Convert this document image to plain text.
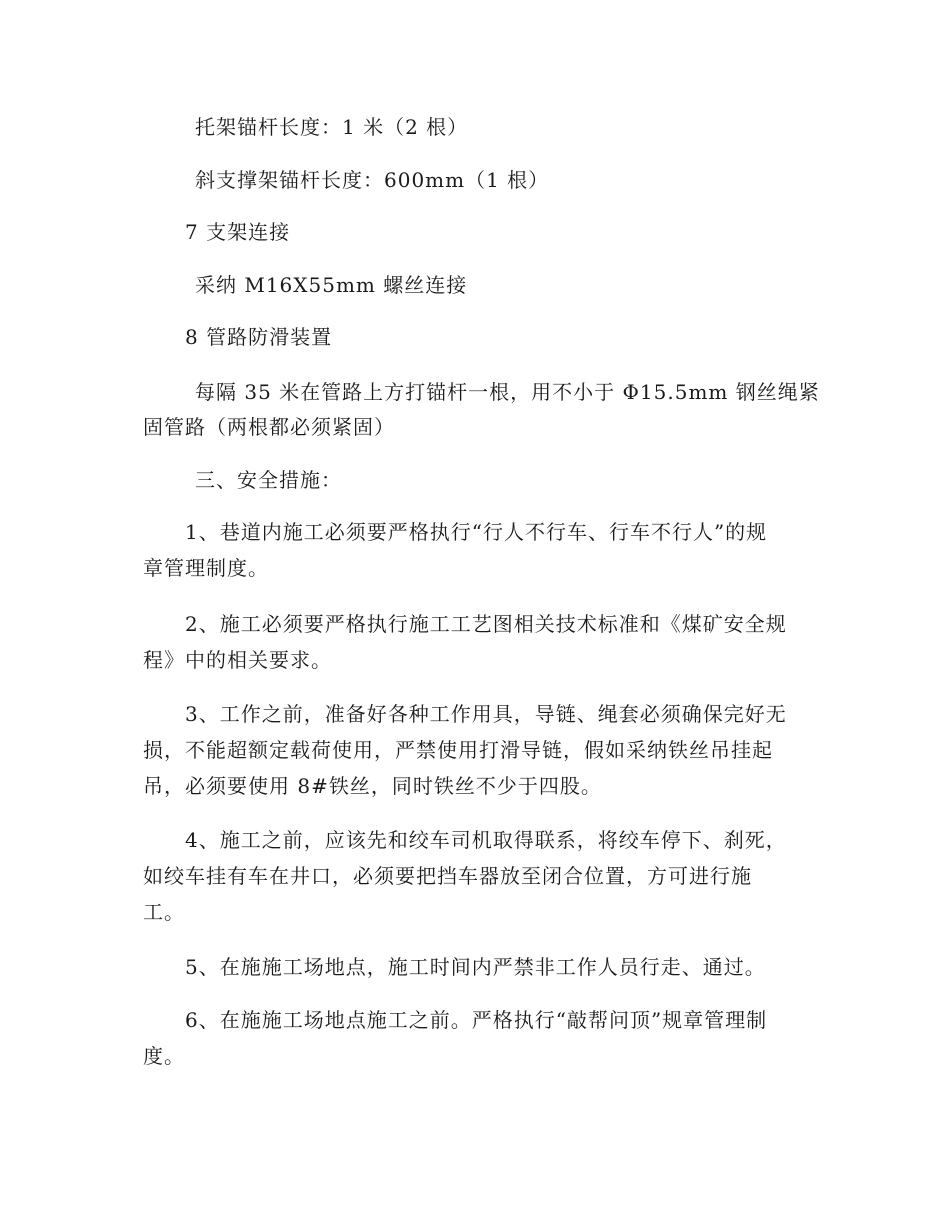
托架锚杆长度：1 米（2 根）
斜支撑架锚杆长度：600mm（1 根）
7 支架连接
采纳 M16X55mm 螺丝连接
8 管路防滑装置
每隔 35 米在管路上方打锚杆一根，用不小于 Φ15.5mm 钢丝绳紧
固管路（两根都必须紧固）
三、安全措施：
1、巷道内施工必须要严格执行“行人不行车、行车不行人”的规
章管理制度。
2、施工必须要严格执行施工工艺图相关技术标准和《煤矿安全规
程》中的相关要求。
3、工作之前，准备好各种工作用具，导链、绳套必须确保完好无
损，不能超额定载荷使用，严禁使用打滑导链，假如采纳铁丝吊挂起
吊，必须要使用 8#铁丝，同时铁丝不少于四股。
4、施工之前，应该先和绞车司机取得联系，将绞车停下、刹死，
如绞车挂有车在井口，必须要把挡车器放至闭合位置，方可进行施
工。
5、在施施工场地点，施工时间内严禁非工作人员行走、通过。
6、在施施工场地点施工之前。严格执行“敲帮问顶”规章管理制
度。
